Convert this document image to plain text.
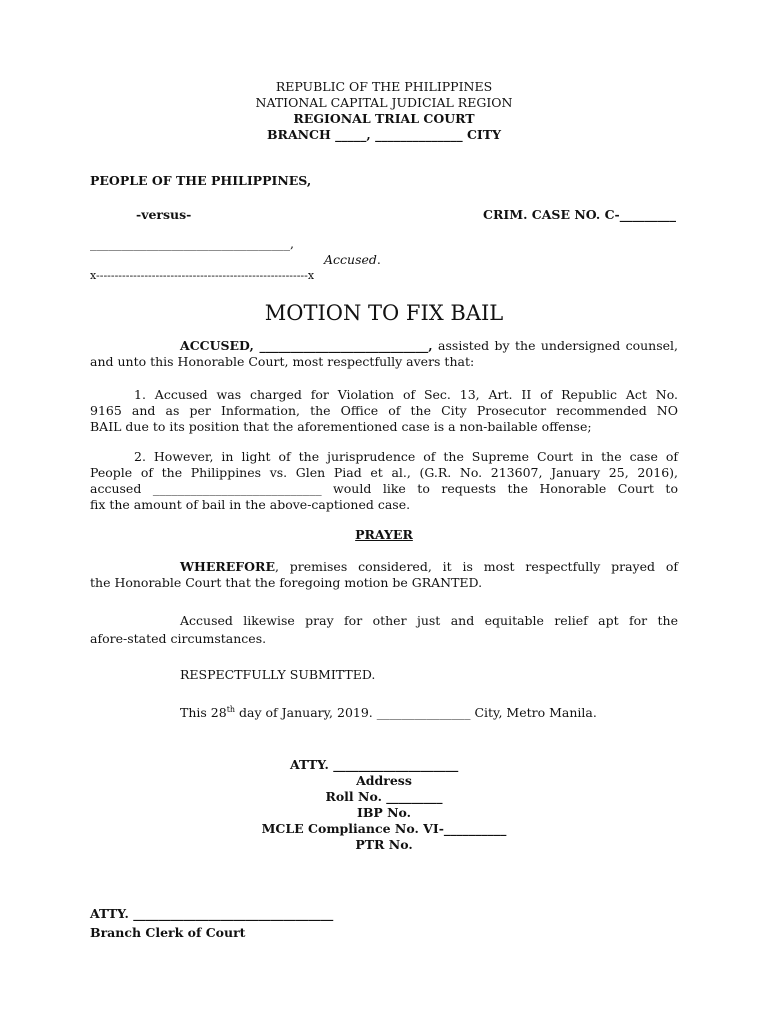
REPUBLIC OF THE PHILIPPINES
NATIONAL CAPITAL JUDICIAL REGION
REGIONAL TRIAL COURT
BRANCH _____, ______________ CITY
PEOPLE OF THE PHILIPPINES,
-versus-	CRIM. CASE NO. C-_________
________________________________,
Accused.
x---------------------------------------------------------x
MOTION TO FIX BAIL
ACCUSED, ___________________________, assisted by the undersigned counsel,
and unto this Honorable Court, most respectfully avers that:
1. Accused was charged for Violation of Sec. 13, Art. II of Republic Act No.
9165 and as per Information, the Office of the City Prosecutor recommended NO
BAIL due to its position that the aforementioned case is a non-bailable offense;
2. However, in light of the jurisprudence of the Supreme Court in the case of
People of the Philippines vs. Glen Piad et al., (G.R. No. 213607, January 25, 2016),
accused ___________________________ would like to requests the Honorable Court to
fix the amount of bail in the above-captioned case.
PRAYER
WHEREFORE, premises considered, it is most respectfully prayed of
the Honorable Court that the foregoing motion be GRANTED.
Accused likewise pray for other just and equitable relief apt for the
afore-stated circumstances.
RESPECTFULLY SUBMITTED.
This 28th day of January, 2019. _______________ City, Metro Manila.
ATTY. ____________________
Address
Roll No. _________
IBP No.
MCLE Compliance No. VI-__________
PTR No.
ATTY. ________________________________
Branch Clerk of Court
